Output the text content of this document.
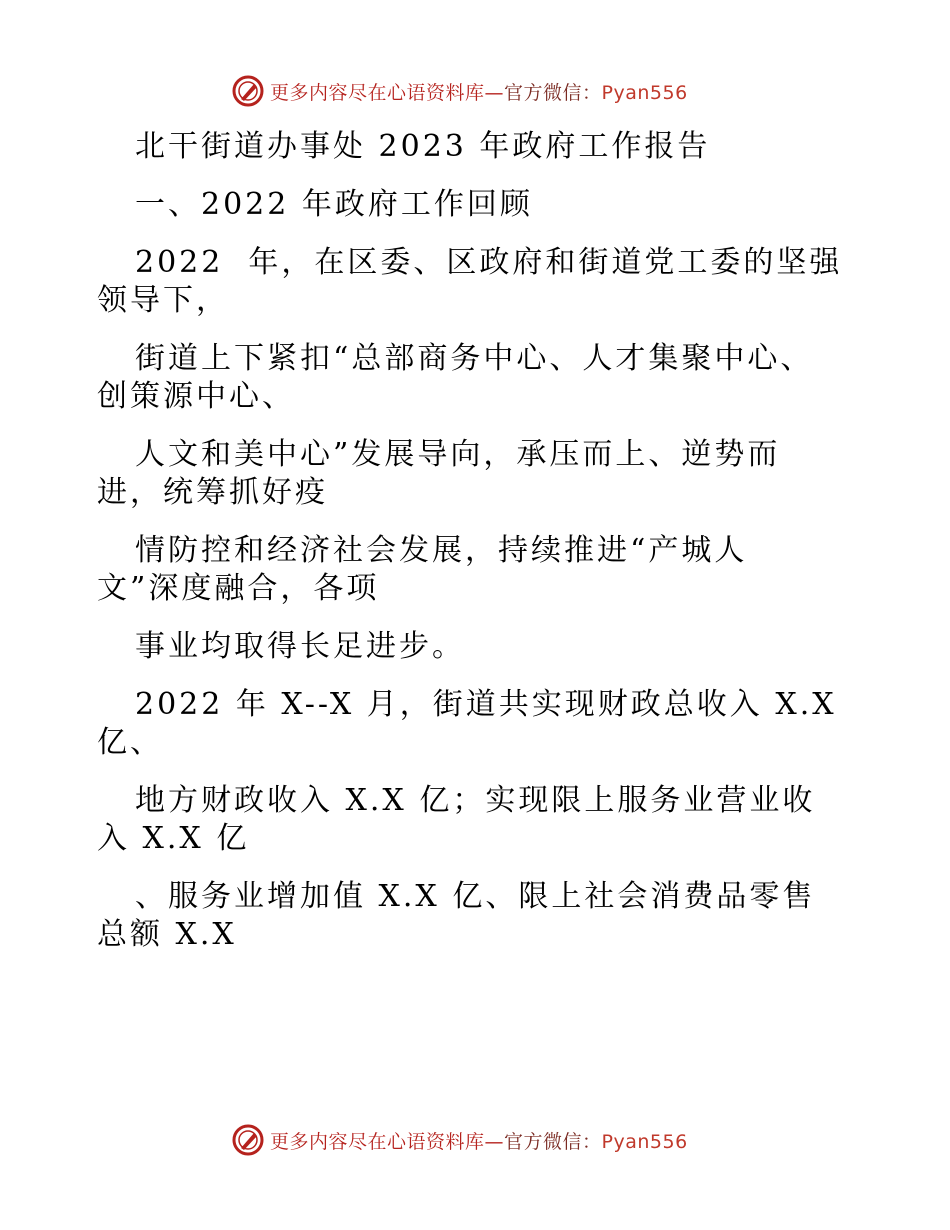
更多内容尽在心语资料库—官方微信：Pyan556
北干街道办事处 2023 年政府工作报告
一、2022 年政府工作回顾
2022  年，在区委、区政府和街道党工委的坚强
领导下，
街道上下紧扣“总部商务中心、人才集聚中心、
创策源中心、
人文和美中心”发展导向，承压而上、逆势而
进，统筹抓好疫
情防控和经济社会发展，持续推进“产城人
文”深度融合，各项
事业均取得长足进步。
2022 年 X--X 月，街道共实现财政总收入 X.X
亿、
地方财政收入 X.X 亿；实现限上服务业营业收
入 X.X 亿
、服务业增加值 X.X 亿、限上社会消费品零售
总额 X.X
更多内容尽在心语资料库—官方微信：Pyan556
